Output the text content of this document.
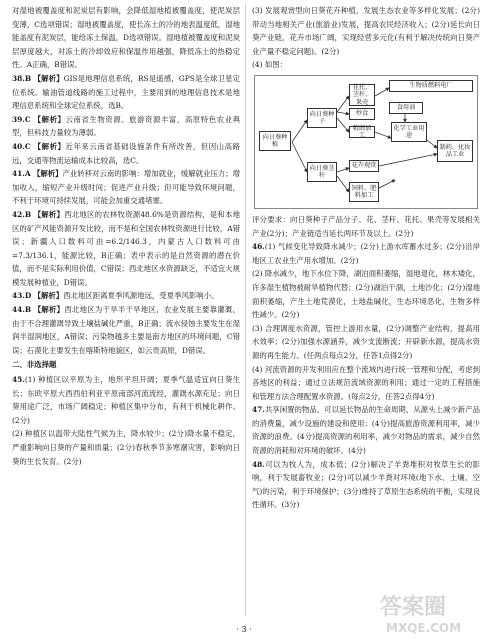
对湿地被覆盖度和泥炭层有影响，会降低湿地植被覆盖度，使泥炭层变薄，C选项错误；湿地被覆盖度，使长冻土的冷的地表温度低，湿地能盖度有泥炭层，能给冻土保温，D选项错误。湿地植被覆盖度和泥炭层厚度越大，对冻土的冷却效应和保温作用越强，降低冻土的热稳定性。A正确，B错误。

38.B 【解析】GIS是地理信息系统，RS是遥感，GPS是全球卫星定位系统。输油管道线路的施工过程中，主要用到的地理信息技术是地理信息系统和全球定位系统，选B。

39.C 【解析】云南省生物资源、旅游资源丰富，高原特色农业典型，但科技力量较为薄弱。

40.C 【解析】近年来云南省基础设施条件有所改善，但因山高路远，交通等物流运输成本比较高，选C。

41.A 【解析】产业转移对云南的影响：增加就业，缓解就业压力；增加收入，缩短产业升级时间；促进产业升级；但可能导致环境问题，不利于环境可持续发展，可能会加重交通堵塞。

42.B 【解析】西北地区的农林牧资源48.6%是资源结构，是和本地区的矿产风能资源开发比较，而不是和全国农林牧资源进行比较，A错误；新疆人口数料可由=6.2/146.3，内蒙古人口数料可由=7.3/136.1，能源比较，B正确；表中表示的是自然资源的潜在价值，而不是实际利用价值，C错误；西北地区水资源缺乏，不适宜大规模发展种植业，D错误。

43.D 【解析】西北地区距离夏季风源地远，受夏季风影响小。

44.B 【解析】西北地区为干旱半干旱地区，农业发展主要靠灌溉，由于不合理灌溉导致土壤盐碱化严重，B正确；流水侵蚀主要发生在湿润半湿润地区，A错误；污染物越多主要是南方地区的环境问题，C错误；石漠化主要发生在喀斯特地貌区，如云贵高原，D错误。

二、非选择题

45.(1) 种植区以平原为主，地形平坦开阔；夏季气温适宜向日葵生长；东欧平原大西西伯利亚平原南部河流流经，灌溉水源充足；向日葵用途广泛，市场广阔稳定；种植区集中分布，有利于机械化耕作。(2分)

(2) 种植区以温带大陆性气候为主，降水较少；(2分)降水量不稳定，严重影响向日葵的产量和质量；(2分)春秋季节多寒潮灾害，影响向日葵的生长发育。(2分)

(3) 发展观赏型向日葵花卉种植，发展生态农业等多样化发展；(2分)带动当地相关产业(旅游业)发展，提高农民经济收入；(2分)延长向日葵产业链，花卉市场广阔，实现经营多元化(有利于解决传统向日葵产业产量不稳定问题)。(2分)

(4) 如图：

向日葵种植
向日葵种子
向日葵茎秆
花托、茎秆、果壳
生物质燃料电厂
炒食
食用油
精细加工
化学工业用途
制药、化妆品工业
花卉观赏
饲料、肥料加工

评分要求：向日葵种子产品分子、花、茎秆、花托、果壳等发展相关产业(2分)；产业链适当延长两环节及以上。(2分)

46.(1) 气候变化导致降水减少；(2分)上游水库蓄水过多；(2分)沿岸地区工农业生产用水增加。(2分)

(2) 降水减少，地下水位下降，湖泊面积萎缩，湿地退化，林木矮化，许多湿生植物被耐旱植物代替；(2分)湖泊干涸，土地沙化；(2分)湿地面积萎缩，产生土地荒漠化，土地盐碱化，生态环境恶化，生物多样性减少。(2分)

(3) 合理调度水资源，管控上游用水量，(2分)调整产业结构，提高用水效率；(2分)加强水源涵养，减少支流断流；开辟新水源，提高水资源的再生能力。(任两点每点2分，任答1点得2分)

(4) 河流资源的开发利用应在整个流域内进行统一管理和分配，考虑到各地区的利益；通过立法规范流域资源的利用；通过一定的工程措施和管理方法合理配置水资源。(每点2分，任答2点得4分)

47.共享闲置的物品，可以延长物品的生命周期，从源头上减少新产品的消费量，减少设施的建设和使用；(4分)提高旅游资源利用率，减少资源的浪费。(4分)提高资源的利用率，减少对物品的需求，减少自然资源的消耗和对环境的破坏。(4分)

48.可以为牧人为，成本低；(2分)解决了羊粪堆积对牧草生长的影响，利于发展畜牧业；(2分)可以减少羊粪对环境(地下水、土壤、空气)的污染，利于环境保护；(3分)维持了草原生态系统的平衡，实现良性循环。(3分)

· 3 ·
答案圈
MXQE.COM
